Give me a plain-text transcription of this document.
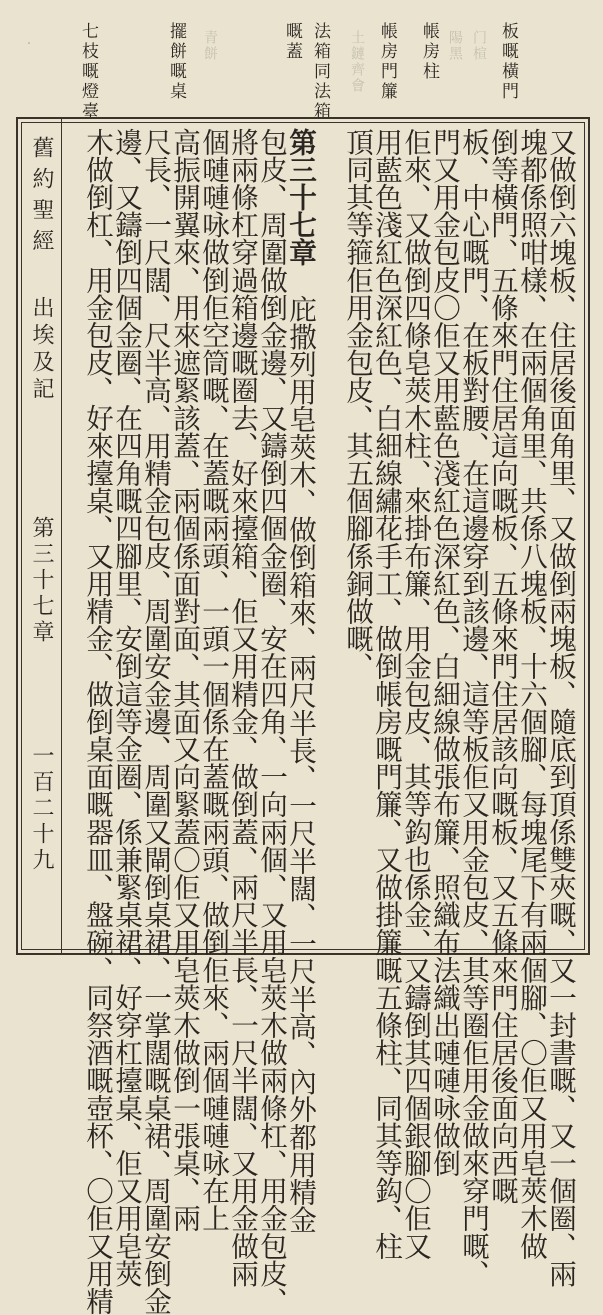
板嘅橫門
帳房柱
帳房門簾
法箱同法箱
嘅蓋
擺餅嘅桌
七枝嘅燈臺	门楦
陽黑
土鏈齊會
青餅
·
舊約聖經
出埃及記
第三十七章
一百二十九	又做倒六塊板、住居後面角里、又做倒兩塊板、隨底到頂係雙夾嘅、又一封書嘅、又一個圈、兩
塊都係照咁樣、在兩個角里、共係八塊板、十六個腳、每塊尾下有兩個腳、〇佢又用皂莢木做
倒等橫門、五條來門住居這向嘅板、五條來門住居該向嘅板、又五條來門住居後面向西嘅
板、中心嘅門、在板對腰、在這邊穿到該邊、這等板佢又用金包皮、其等圈佢用金做來穿門嘅、
門又用金包皮〇佢又用藍色淺紅色深紅色、白細線做張布簾、照織布法織出嗹嗹咏做倒
佢來、又做倒四條皂莢木柱、來掛布簾、用金包皮、其等鈎也係金、又鑄倒其四個銀腳〇佢又
用藍色淺紅色深紅色、白細線繡花手工、做倒帳房嘅門簾、又做掛簾嘅五條柱、同其等鈎、柱
頂同其等箍佢用金包皮、其五個腳係銅做嘅、
第三十七章
庇撒列用皂莢木、做倒箱來、兩尺半長、一尺半闊、一尺半高、內外都用精金
包皮、周圍做倒金邊、又鑄倒四個金圈、安在四角、一向兩個、又用皂莢木做兩條杠、用金包皮、
將兩條杠穿過箱邊嘅圈去、好來擡箱、佢又用精金、做倒蓋、兩尺半長、一尺半闊、又用金做兩
個嗹嗹咏做倒佢空筒嘅、在蓋嘅兩頭、一頭一個係在蓋嘅兩頭、做倒佢來、兩個嗹嗹咏在上
高振開翼來、用來遮緊該蓋、兩個係面對面、其面又向緊蓋〇佢又用皂莢木做倒一張桌、兩
尺長、一尺闊、尺半高、用精金包皮、周圍安金邊、周圍又閘倒桌裙、一掌闊嘅桌裙、周圍安倒金
邊、又鑄倒四個金圈、在四角嘅四腳里、安倒這等金圈、係兼緊桌裙、好穿杠擡桌、佢又用皂莢
木做倒杠、用金包皮、好來擡桌、又用精金、做倒桌面嘅器皿、盤碗、同祭酒嘅壺杯、〇佢又用精
